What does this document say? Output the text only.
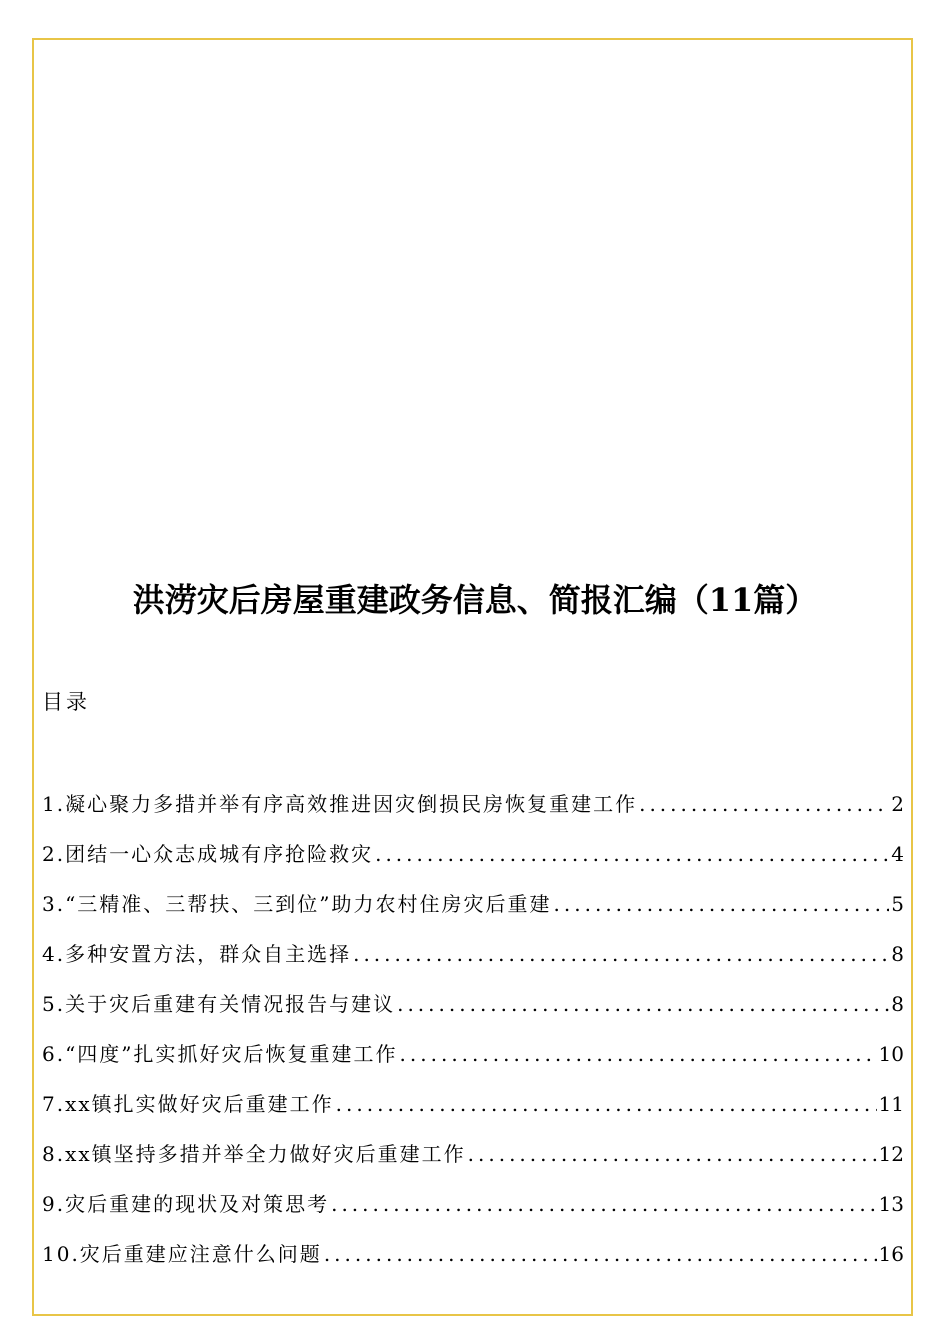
洪涝灾后房屋重建政务信息、简报汇编（11篇）
目录
1.凝心聚力多措并举有序高效推进因灾倒损民房恢复重建工作 .....	2
2.团结一心众志成城有序抢险救灾 .....	4
3.“三精准、三帮扶、三到位”助力农村住房灾后重建 .....	5
4.多种安置方法，群众自主选择 .....	8
5.关于灾后重建有关情况报告与建议 .....	8
6.“四度”扎实抓好灾后恢复重建工作 .....	10
7.xx镇扎实做好灾后重建工作 .....	11
8.xx镇坚持多措并举全力做好灾后重建工作 .....	12
9.灾后重建的现状及对策思考 .....	13
10.灾后重建应注意什么问题 .....	16
